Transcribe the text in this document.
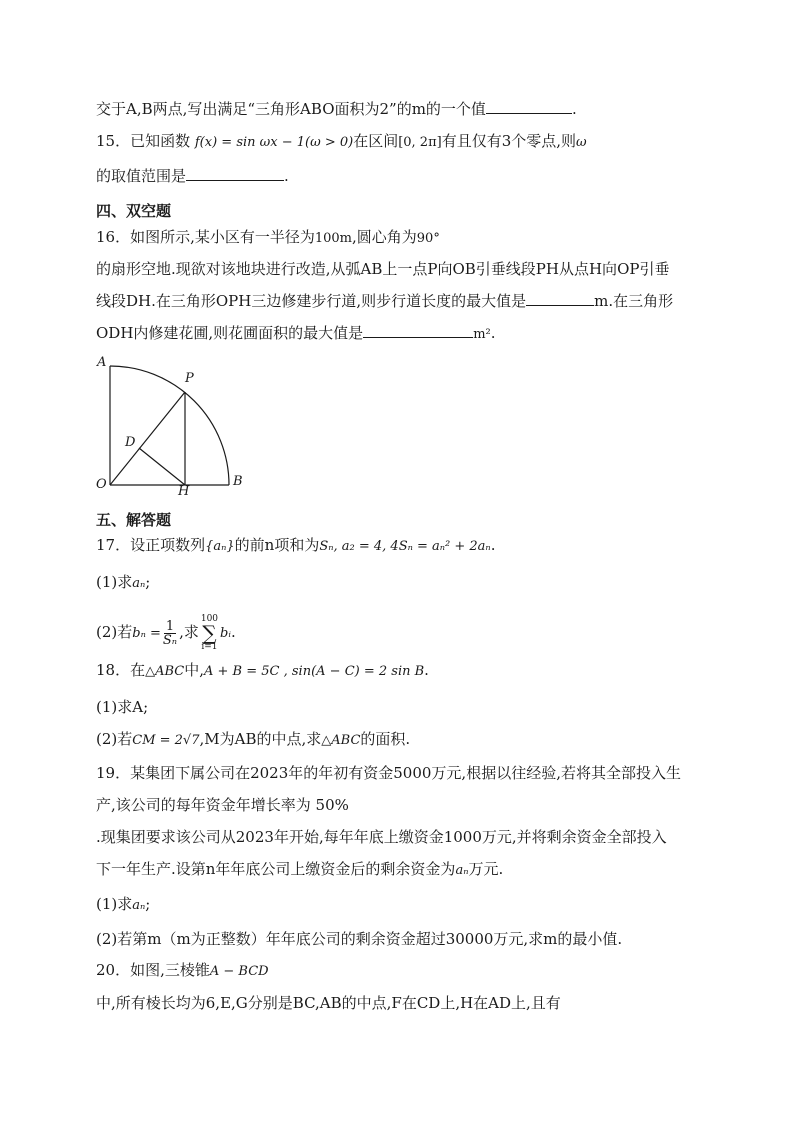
交于A,B两点,写出满足“三角形ABO面积为2”的m的一个值	.
15．已知函数 f(x) = sin ωx − 1(ω > 0)在区间[0, 2π]有且仅有3个零点,则ω
的取值范围是	.
四、双空题
16．如图所示,某小区有一半径为100m,圆心角为90°
的扇形空地.现欲对该地块进行改造,从弧AB上一点P向OB引垂线段PH从点H向OP引垂
线段DH.在三角形OPH三边修建步行道,则步行道长度的最大值是	m.在三角形
ODH内修建花圃,则花圃面积的最大值是	m².
A
P
D
O	H
B
五、解答题
17．设正项数列{aₙ}的前n项和为Sₙ, a₂ = 4, 4Sₙ = aₙ² + 2aₙ.
(1)求aₙ;
(2)若$b_n = \frac{1}{\text{Sₙ}}$ ,求
100
∑
i=1
bᵢ.
18．在△ABC中,A + B = 5C , sin(A − C) = 2 sin B.
(1)求A;
(2)若CM = 2√7,M为AB的中点,求△ABC的面积.
19．某集团下属公司在2023年的年初有资金5000万元,根据以往经验,若将其全部投入生
产,该公司的每年资金年增长率为 50%
.现集团要求该公司从2023年开始,每年年底上缴资金1000万元,并将剩余资金全部投入
下一年生产.设第n年年底公司上缴资金后的剩余资金为aₙ万元.
(1)求aₙ;
(2)若第m（m为正整数）年年底公司的剩余资金超过30000万元,求m的最小值.
20．如图,三棱锥A − BCD
中,所有棱长均为6,E,G分别是BC,AB的中点,F在CD上,H在AD上,且有
